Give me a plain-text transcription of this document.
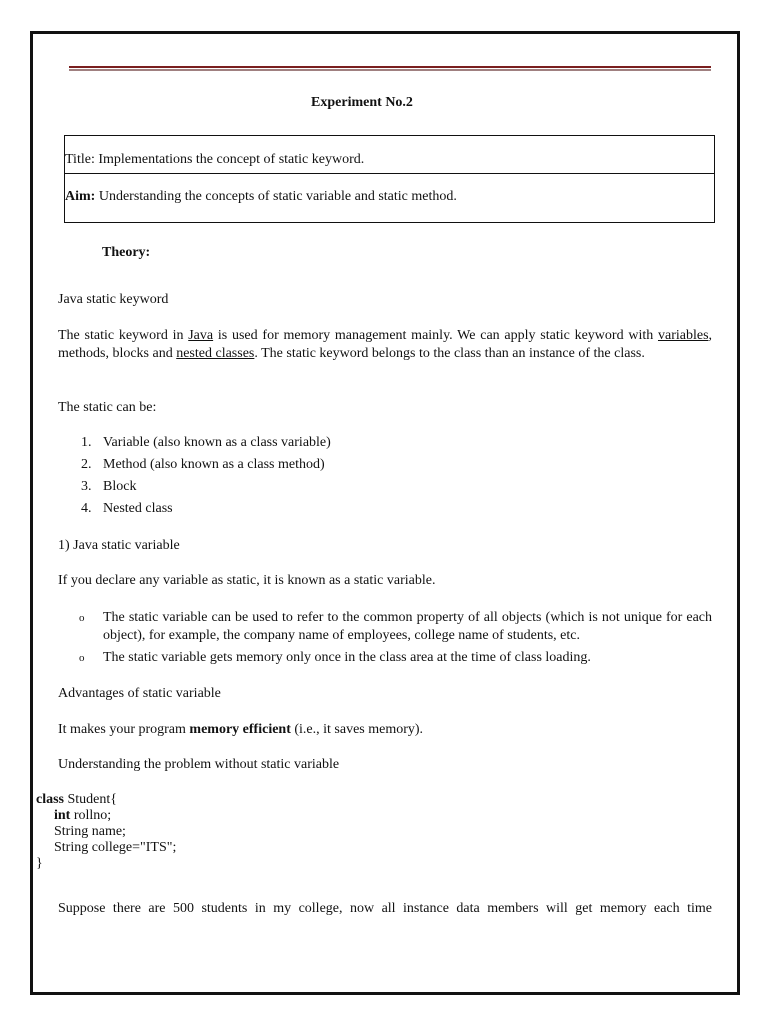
Experiment No.2
Title: Implementations the concept of static keyword.
Aim: Understanding the concepts of static variable and static method.
Theory:
Java static keyword
The static keyword in Java is used for memory management mainly. We can apply static keyword with variables, methods, blocks and nested classes. The static keyword belongs to the class than an instance of the class.
The static can be:
1. Variable (also known as a class variable)
2. Method (also known as a class method)
3. Block
4. Nested class
1) Java static variable
If you declare any variable as static, it is known as a static variable.
o The static variable can be used to refer to the common property of all objects (which is not unique for each object), for example, the company name of employees, college name of students, etc.
o The static variable gets memory only once in the class area at the time of class loading.
Advantages of static variable
It makes your program memory efficient (i.e., it saves memory).
Understanding the problem without static variable
class Student{
int rollno;
String name;
String college="ITS";
}
Suppose there are 500 students in my college, now all instance data members will get memory each time
